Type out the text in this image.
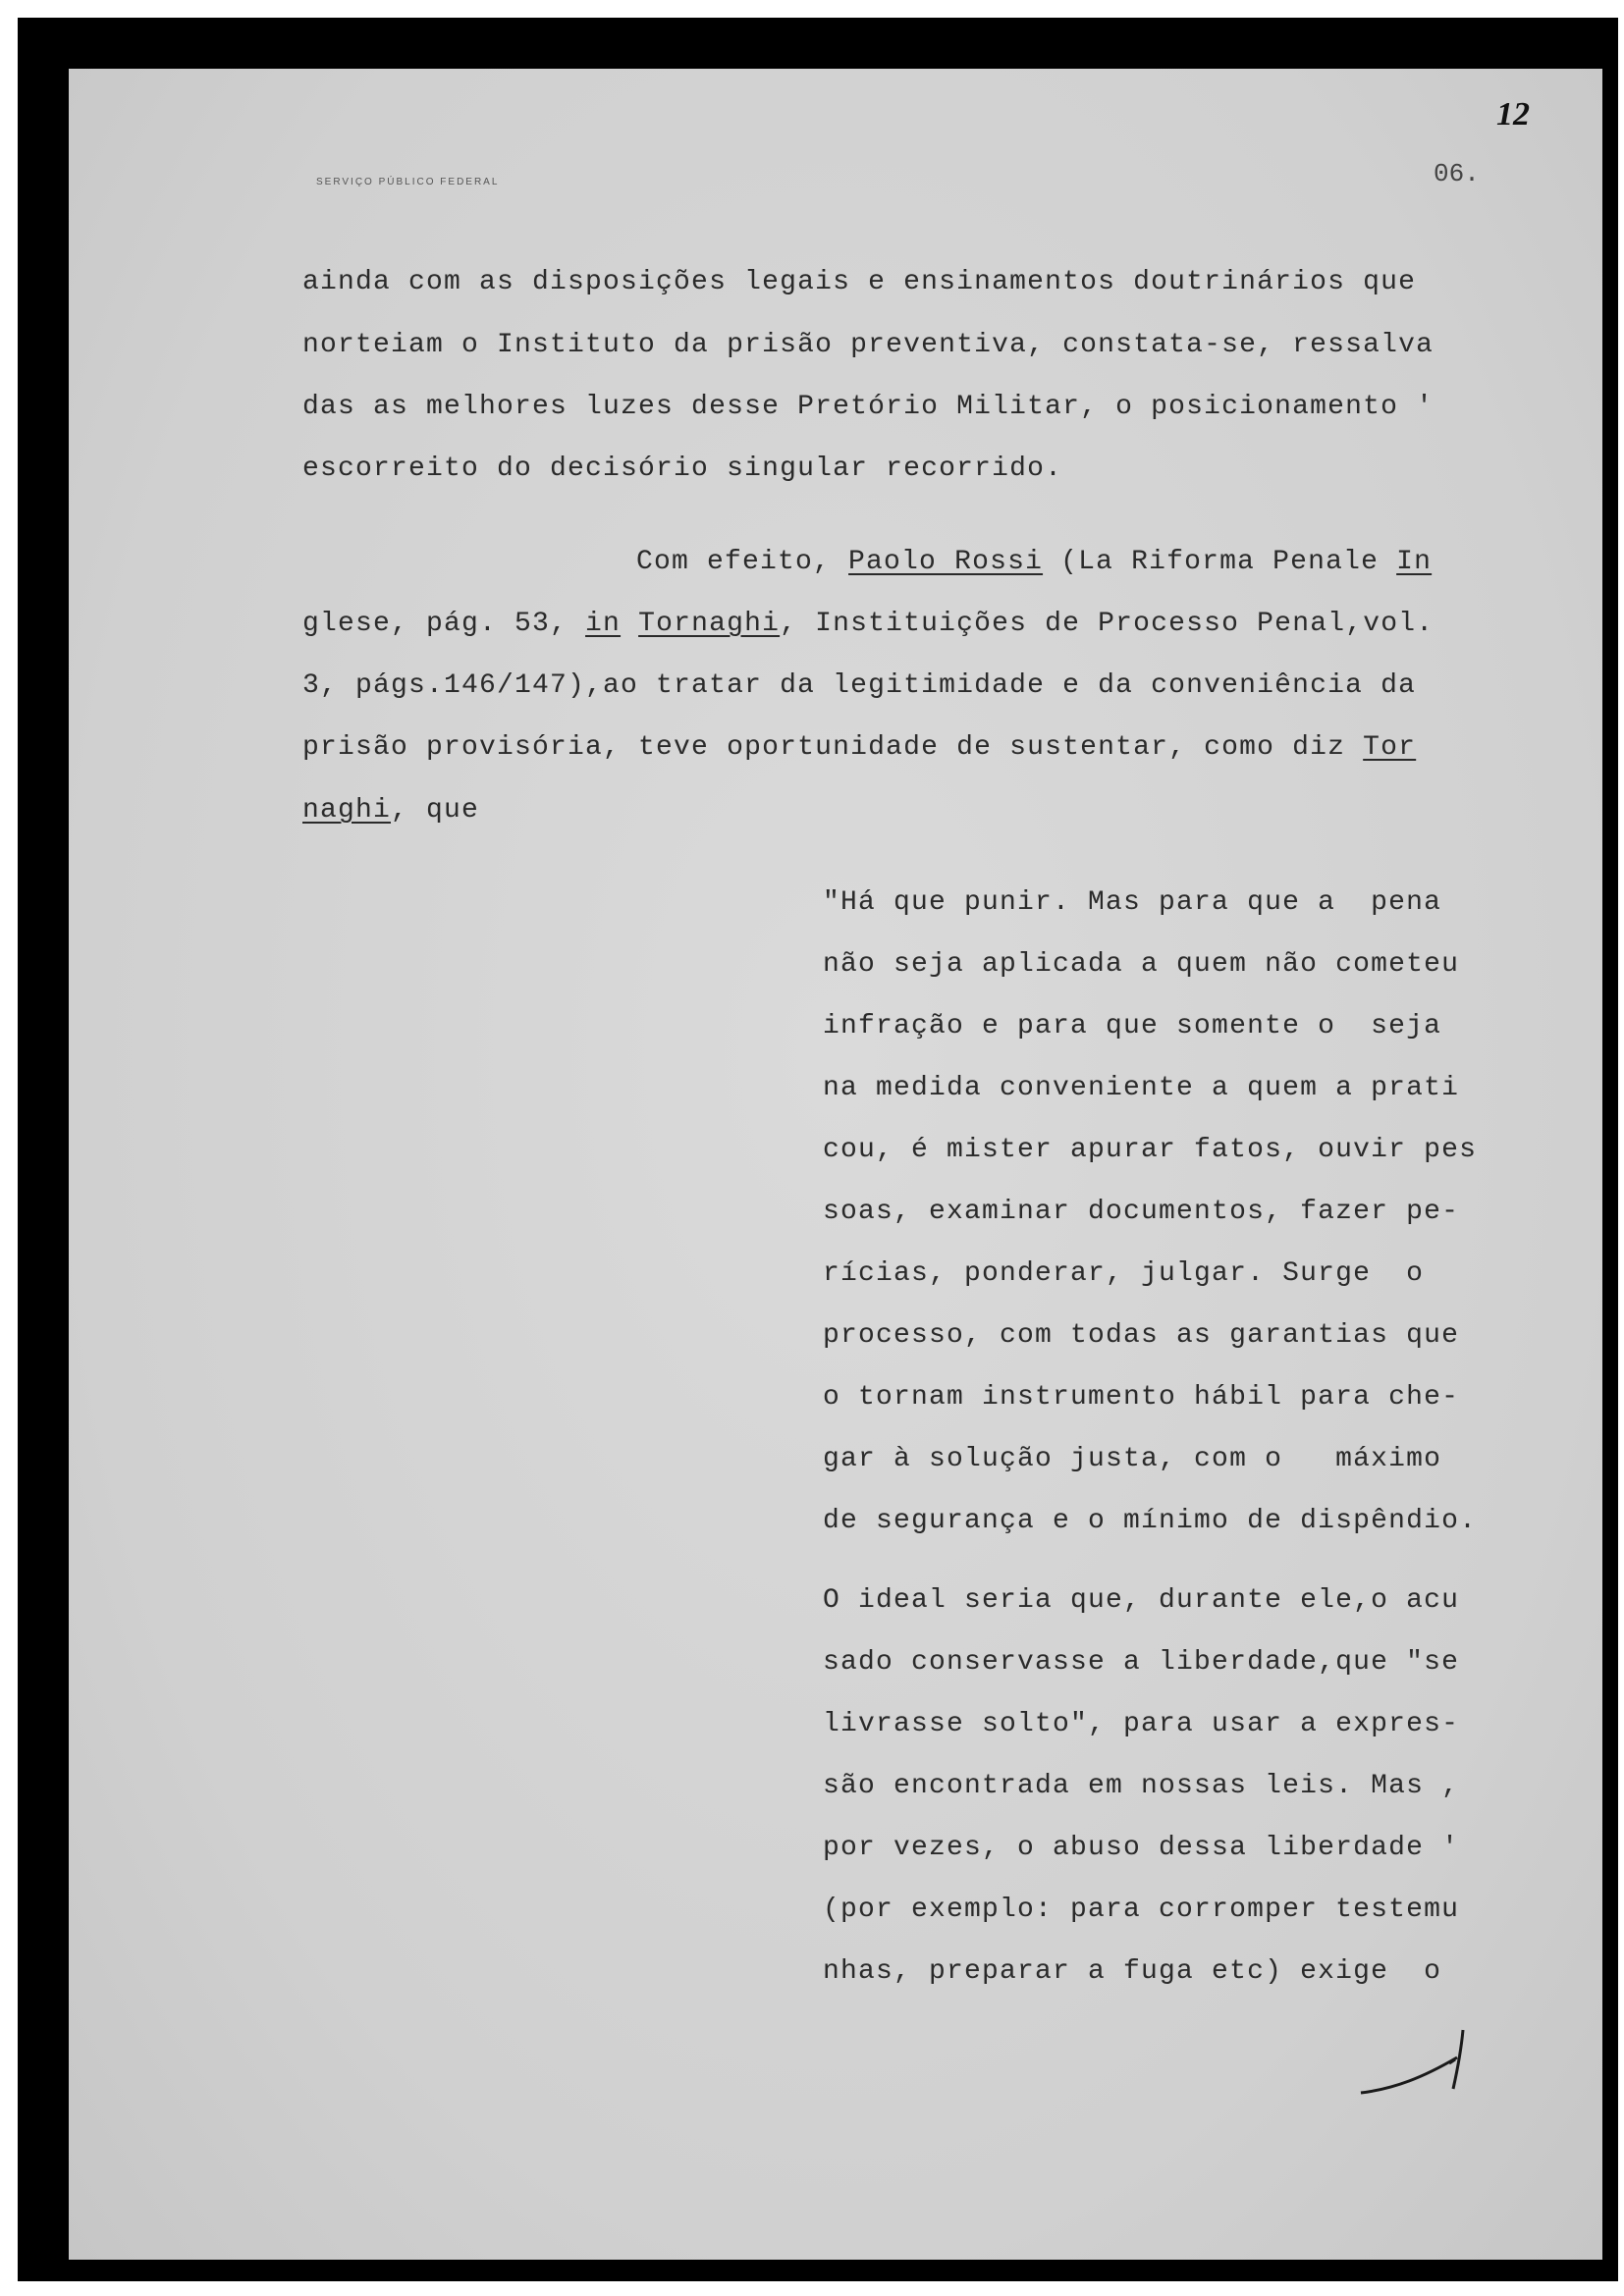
SERVIÇO PÚBLICO FEDERAL	06.
12
ainda com as disposições legais e ensinamentos doutrinários que
norteiam o Instituto da prisão preventiva, constata-se, ressalva
das as melhores luzes desse Pretório Militar, o posicionamento '
escorreito do decisório singular recorrido.
Com efeito, Paolo Rossi (La Riforma Penale In
glese, pág. 53, in Tornaghi, Instituições de Processo Penal,vol.
3, págs.146/147),ao tratar da legitimidade e da conveniência da
prisão provisória, teve oportunidade de sustentar, como diz Tor
naghi, que
"Há que punir. Mas para que a  pena
não seja aplicada a quem não cometeu
infração e para que somente o  seja
na medida conveniente a quem a prati
cou, é mister apurar fatos, ouvir pes
soas, examinar documentos, fazer pe-
rícias, ponderar, julgar. Surge  o
processo, com todas as garantias que
o tornam instrumento hábil para che-
gar à solução justa, com o   máximo
de segurança e o mínimo de dispêndio.
O ideal seria que, durante ele,o acu
sado conservasse a liberdade,que "se
livrasse solto", para usar a expres-
são encontrada em nossas leis. Mas ,
por vezes, o abuso dessa liberdade '
(por exemplo: para corromper testemu
nhas, preparar a fuga etc) exige  o
